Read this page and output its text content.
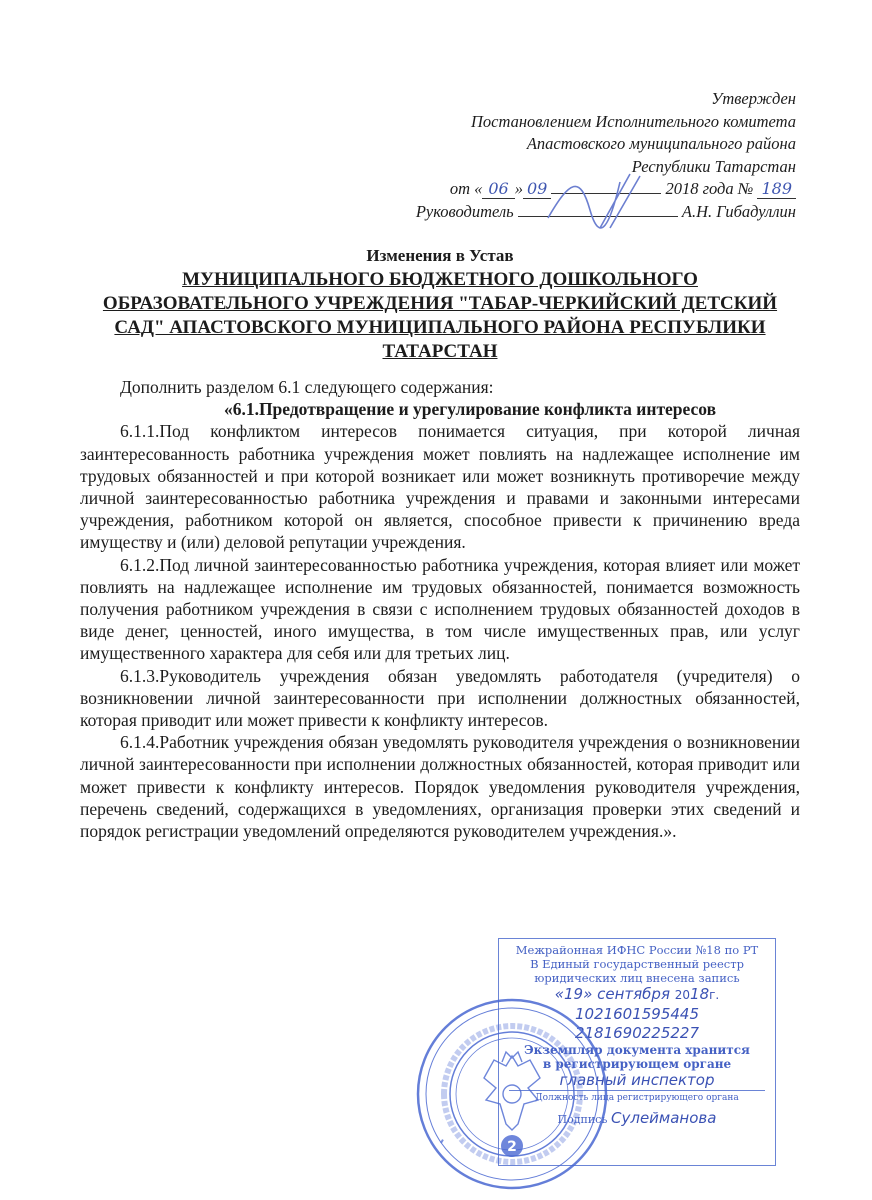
Утвержден
Постановлением Исполнительного комитета
Апастовского муниципального района
Республики Татарстан
от « 06 » 09	2018 года № 189
Руководитель	А.Н. Гибадуллин
Изменения в Устав
МУНИЦИПАЛЬНОГО БЮДЖЕТНОГО ДОШКОЛЬНОГО ОБРАЗОВАТЕЛЬНОГО УЧРЕЖДЕНИЯ "ТАБАР-ЧЕРКИЙСКИЙ ДЕТСКИЙ САД" АПАСТОВСКОГО МУНИЦИПАЛЬНОГО РАЙОНА РЕСПУБЛИКИ ТАТАРСТАН

Дополнить разделом 6.1 следующего содержания:

«6.1.Предотвращение и урегулирование конфликта интересов

6.1.1.Под конфликтом интересов понимается ситуация, при которой личная заинтересованность работника учреждения может повлиять на надлежащее исполнение им трудовых обязанностей и при которой возникает или может возникнуть противоречие между личной заинтересованностью работника учреждения и правами и законными интересами учреждения, работником которой он является, способное привести к причинению вреда имуществу и (или) деловой репутации учреждения.

6.1.2.Под личной заинтересованностью работника учреждения, которая влияет или может повлиять на надлежащее исполнение им трудовых обязанностей, понимается возможность получения работником учреждения в связи с исполнением трудовых обязанностей доходов в виде денег, ценностей, иного имущества, в том числе имущественных прав, или услуг имущественного характера для себя или для третьих лиц.

6.1.3.Руководитель учреждения обязан уведомлять работодателя (учредителя) о возникновении личной заинтересованности при исполнении должностных обязанностей, которая приводит или может привести к конфликту интересов.

6.1.4.Работник учреждения обязан уведомлять руководителя учреждения о возникновении личной заинтересованности при исполнении должностных обязанностей, которая приводит или может привести к конфликту интересов. Порядок уведомления руководителя учреждения, перечень сведений, содержащихся в уведомлениях, организация проверки этих сведений и порядок регистрации уведомлений определяются руководителем учреждения.».

Межрайонная ИФНС России №18 по РТ
В Единый государственный реестр
юридических лиц внесена запись
«19» сентября 2018г.
1021601595445
2181690225227
Экземпляр документа хранится
в регистрирующем органе
главный инспектор
Должность лица регистрирующего органа
Подпись Сулейманова
2
